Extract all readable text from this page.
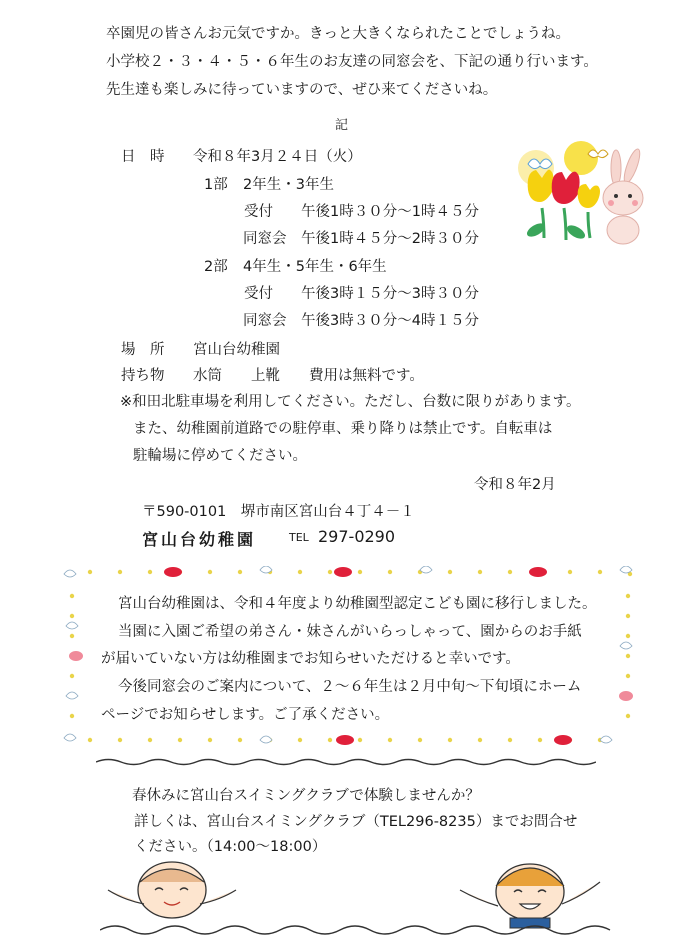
卒園児の皆さんお元気ですか。きっと大きくなられたことでしょうね。
小学校２・３・４・５・６年生のお友達の同窓会を、下記の通り行います。
先生達も楽しみに待っていますので、ぜひ来てくださいね。
記
日　時 令和８年3月２４日（火）
1部 2年生・3年生
受付 午後1時３０分～1時４５分
同窓会 午後1時４５分～2時３０分
2部 4年生・5年生・6年生
受付 午後3時１５分～3時３０分
同窓会 午後3時３０分～4時１５分
場　所 宮山台幼稚園
持ち物 水筒　　上靴　　費用は無料です。
※和田北駐車場を利用してください。ただし、台数に限りがあります。
また、幼稚園前道路での駐停車、乗り降りは禁止です。自転車は
駐輪場に停めてください。
令和８年2月
〒590-0101　堺市南区宮山台４丁４－１
宮山台幼稚園	TEL 297-0290
宮山台幼稚園は、令和４年度より幼稚園型認定こども園に移行しました。
当園に入園ご希望の弟さん・妹さんがいらっしゃって、園からのお手紙
が届いていない方は幼稚園までお知らせいただけると幸いです。
今後同窓会のご案内について、２～６年生は２月中旬～下旬頃にホーム
ページでお知らせします。ご了承ください。
春休みに宮山台スイミングクラブで体験しませんか？
詳しくは、宮山台スイミングクラブ（TEL296-8235）までお問合せ
ください。（14:00～18:00）
